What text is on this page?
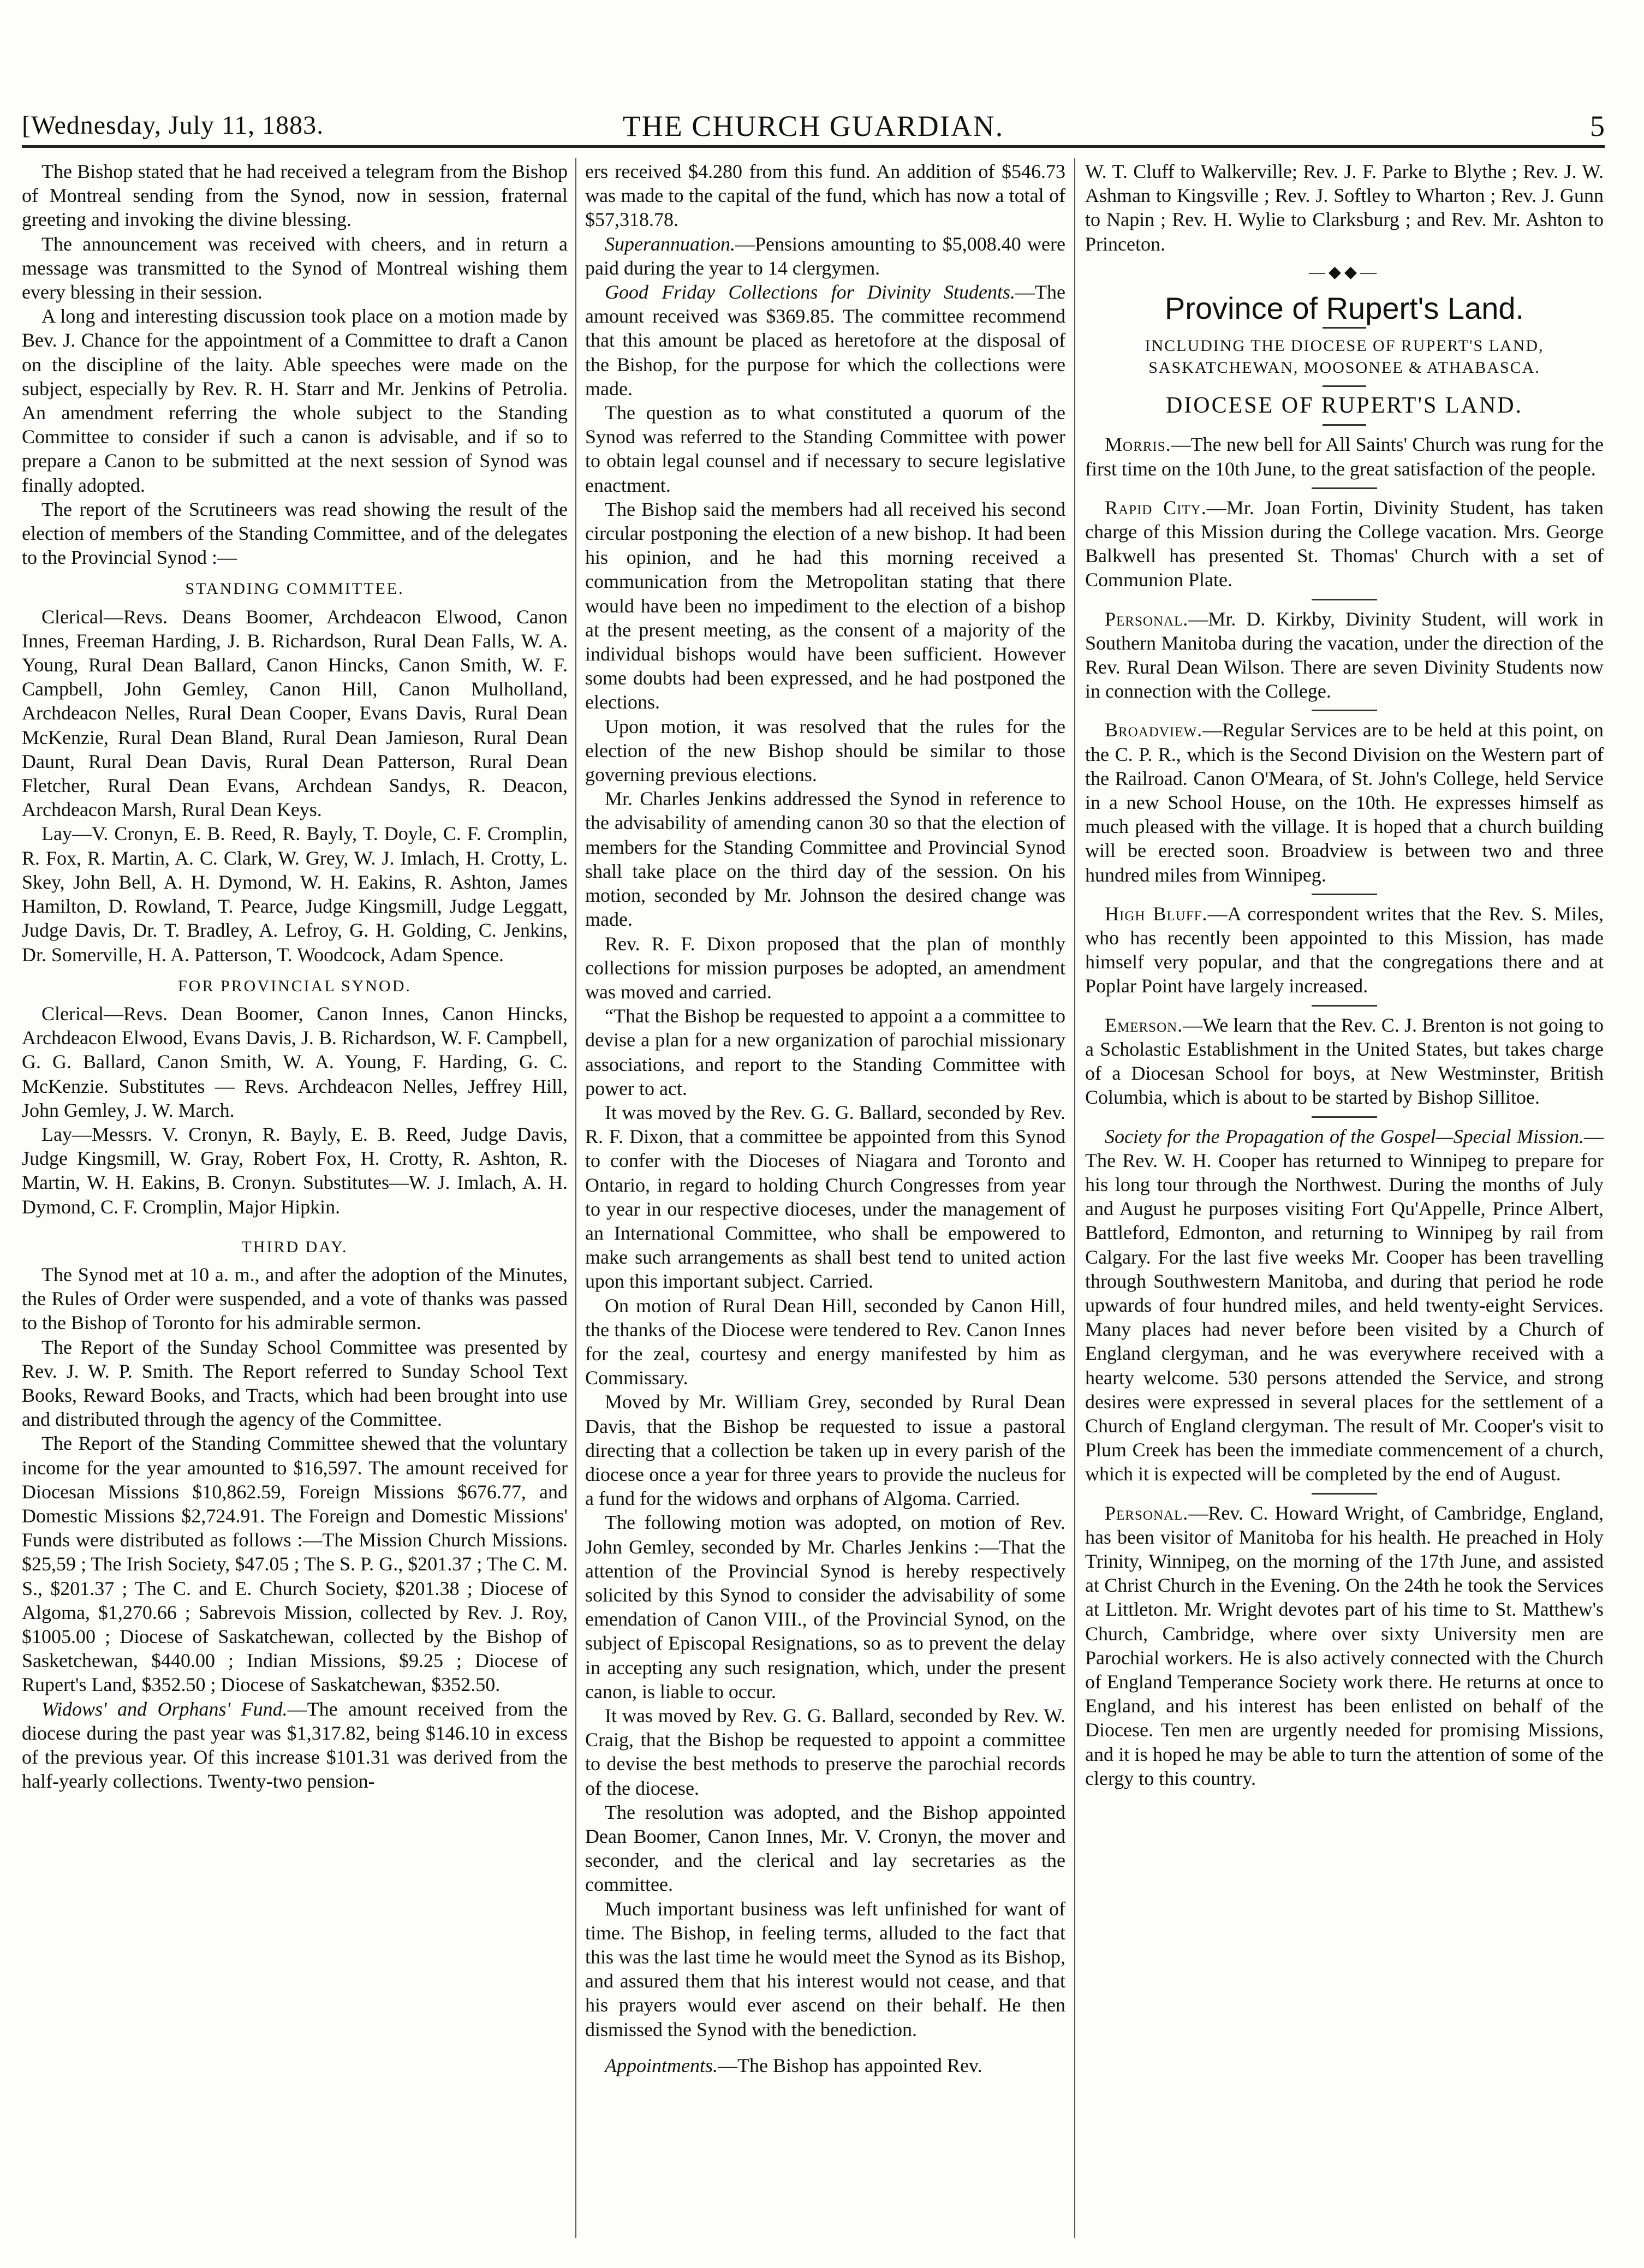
[Wednesday, July 11, 1883.	THE CHURCH GUARDIAN.	5

The Bishop stated that he had received a telegram from the Bishop of Montreal sending from the Synod, now in session, fraternal greeting and invoking the divine blessing.

The announcement was received with cheers, and in return a message was transmitted to the Synod of Montreal wishing them every blessing in their session.

A long and interesting discussion took place on a motion made by Bev. J. Chance for the appointment of a Committee to draft a Canon on the discipline of the laity. Able speeches were made on the subject, especially by Rev. R. H. Starr and Mr. Jenkins of Petrolia. An amendment referring the whole subject to the Standing Committee to consider if such a canon is advisable, and if so to prepare a Canon to be submitted at the next session of Synod was finally adopted.

The report of the Scrutineers was read showing the result of the election of members of the Standing Committee, and of the delegates to the Provincial Synod :—

STANDING COMMITTEE.

Clerical—Revs. Deans Boomer, Archdeacon Elwood, Canon Innes, Freeman Harding, J. B. Richardson, Rural Dean Falls, W. A. Young, Rural Dean Ballard, Canon Hincks, Canon Smith, W. F. Campbell, John Gemley, Canon Hill, Canon Mulholland, Archdeacon Nelles, Rural Dean Cooper, Evans Davis, Rural Dean McKenzie, Rural Dean Bland, Rural Dean Jamieson, Rural Dean Daunt, Rural Dean Davis, Rural Dean Patterson, Rural Dean Fletcher, Rural Dean Evans, Archdean Sandys, R. Deacon, Archdeacon Marsh, Rural Dean Keys.

Lay—V. Cronyn, E. B. Reed, R. Bayly, T. Doyle, C. F. Cromplin, R. Fox, R. Martin, A. C. Clark, W. Grey, W. J. Imlach, H. Crotty, L. Skey, John Bell, A. H. Dymond, W. H. Eakins, R. Ashton, James Hamilton, D. Rowland, T. Pearce, Judge Kingsmill, Judge Leggatt, Judge Davis, Dr. T. Bradley, A. Lefroy, G. H. Golding, C. Jenkins, Dr. Somerville, H. A. Patterson, T. Woodcock, Adam Spence.

FOR PROVINCIAL SYNOD.

Clerical—Revs. Dean Boomer, Canon Innes, Canon Hincks, Archdeacon Elwood, Evans Davis, J. B. Richardson, W. F. Campbell, G. G. Ballard, Canon Smith, W. A. Young, F. Harding, G. C. McKenzie. Substitutes — Revs. Archdeacon Nelles, Jeffrey Hill, John Gemley, J. W. March.

Lay—Messrs. V. Cronyn, R. Bayly, E. B. Reed, Judge Davis, Judge Kingsmill, W. Gray, Robert Fox, H. Crotty, R. Ashton, R. Martin, W. H. Eakins, B. Cronyn. Substitutes—W. J. Imlach, A. H. Dymond, C. F. Cromplin, Major Hipkin.

THIRD DAY.

The Synod met at 10 a. m., and after the adoption of the Minutes, the Rules of Order were suspended, and a vote of thanks was passed to the Bishop of Toronto for his admirable sermon.

The Report of the Sunday School Committee was presented by Rev. J. W. P. Smith. The Report referred to Sunday School Text Books, Reward Books, and Tracts, which had been brought into use and distributed through the agency of the Committee.

The Report of the Standing Committee shewed that the voluntary income for the year amounted to $16,597. The amount received for Diocesan Missions $10,862.59, Foreign Missions $676.77, and Domestic Missions $2,724.91. The Foreign and Domestic Missions' Funds were distributed as follows :—The Mission Church Missions. $25,59 ; The Irish Society, $47.05 ; The S. P. G., $201.37 ; The C. M. S., $201.37 ; The C. and E. Church Society, $201.38 ; Diocese of Algoma, $1,270.66 ; Sabrevois Mission, collected by Rev. J. Roy, $1005.00 ; Diocese of Saskatchewan, collected by the Bishop of Sasketchewan, $440.00 ; Indian Missions, $9.25 ; Diocese of Rupert's Land, $352.50 ; Diocese of Saskatchewan, $352.50.

Widows' and Orphans' Fund.—The amount received from the diocese during the past year was $1,317.82, being $146.10 in excess of the previous year. Of this increase $101.31 was derived from the half-yearly collections. Twenty-two pension-

ers received $4.280 from this fund. An addition of $546.73 was made to the capital of the fund, which has now a total of $57,318.78.

Superannuation.—Pensions amounting to $5,008.40 were paid during the year to 14 clergymen.

Good Friday Collections for Divinity Students.—The amount received was $369.85. The committee recommend that this amount be placed as heretofore at the disposal of the Bishop, for the purpose for which the collections were made.

The question as to what constituted a quorum of the Synod was referred to the Standing Committee with power to obtain legal counsel and if necessary to secure legislative enactment.

The Bishop said the members had all received his second circular postponing the election of a new bishop. It had been his opinion, and he had this morning received a communication from the Metropolitan stating that there would have been no impediment to the election of a bishop at the present meeting, as the consent of a majority of the individual bishops would have been sufficient. However some doubts had been expressed, and he had postponed the elections.

Upon motion, it was resolved that the rules for the election of the new Bishop should be similar to those governing previous elections.

Mr. Charles Jenkins addressed the Synod in reference to the advisability of amending canon 30 so that the election of members for the Standing Committee and Provincial Synod shall take place on the third day of the session. On his motion, seconded by Mr. Johnson the desired change was made.

Rev. R. F. Dixon proposed that the plan of monthly collections for mission purposes be adopted, an amendment was moved and carried.

“That the Bishop be requested to appoint a a committee to devise a plan for a new organization of parochial missionary associations, and report to the Standing Committee with power to act.

It was moved by the Rev. G. G. Ballard, seconded by Rev. R. F. Dixon, that a committee be appointed from this Synod to confer with the Dioceses of Niagara and Toronto and Ontario, in regard to holding Church Congresses from year to year in our respective dioceses, under the management of an International Committee, who shall be empowered to make such arrangements as shall best tend to united action upon this important subject. Carried.

On motion of Rural Dean Hill, seconded by Canon Hill, the thanks of the Diocese were tendered to Rev. Canon Innes for the zeal, courtesy and energy manifested by him as Commissary.

Moved by Mr. William Grey, seconded by Rural Dean Davis, that the Bishop be requested to issue a pastoral directing that a collection be taken up in every parish of the diocese once a year for three years to provide the nucleus for a fund for the widows and orphans of Algoma. Carried.

The following motion was adopted, on motion of Rev. John Gemley, seconded by Mr. Charles Jenkins :—That the attention of the Provincial Synod is hereby respectively solicited by this Synod to consider the advisability of some emendation of Canon VIII., of the Provincial Synod, on the subject of Episcopal Resignations, so as to prevent the delay in accepting any such resignation, which, under the present canon, is liable to occur.

It was moved by Rev. G. G. Ballard, seconded by Rev. W. Craig, that the Bishop be requested to appoint a committee to devise the best methods to preserve the parochial records of the diocese.

The resolution was adopted, and the Bishop appointed Dean Boomer, Canon Innes, Mr. V. Cronyn, the mover and seconder, and the clerical and lay secretaries as the committee.

Much important business was left unfinished for want of time. The Bishop, in feeling terms, alluded to the fact that this was the last time he would meet the Synod as its Bishop, and assured them that his interest would not cease, and that his prayers would ever ascend on their behalf. He then dismissed the Synod with the benediction.

Appointments.—The Bishop has appointed Rev.

W. T. Cluff to Walkerville; Rev. J. F. Parke to Blythe ; Rev. J. W. Ashman to Kingsville ; Rev. J. Softley to Wharton ; Rev. J. Gunn to Napin ; Rev. H. Wylie to Clarksburg ; and Rev. Mr. Ashton to Princeton.

—◆◆—
Province of Rupert's Land.
INCLUDING THE DIOCESE OF RUPERT'S LAND, SASKATCHEWAN, MOOSONEE & ATHABASCA.
DIOCESE OF RUPERT'S LAND.

Morris.—The new bell for All Saints' Church was rung for the first time on the 10th June, to the great satisfaction of the people.

Rapid City.—Mr. Joan Fortin, Divinity Student, has taken charge of this Mission during the College vacation. Mrs. George Balkwell has presented St. Thomas' Church with a set of Communion Plate.

Personal.—Mr. D. Kirkby, Divinity Student, will work in Southern Manitoba during the vacation, under the direction of the Rev. Rural Dean Wilson. There are seven Divinity Students now in connection with the College.

Broadview.—Regular Services are to be held at this point, on the C. P. R., which is the Second Division on the Western part of the Railroad. Canon O'Meara, of St. John's College, held Service in a new School House, on the 10th. He expresses himself as much pleased with the village. It is hoped that a church building will be erected soon. Broadview is between two and three hundred miles from Winnipeg.

High Bluff.—A correspondent writes that the Rev. S. Miles, who has recently been appointed to this Mission, has made himself very popular, and that the congregations there and at Poplar Point have largely increased.

Emerson.—We learn that the Rev. C. J. Brenton is not going to a Scholastic Establishment in the United States, but takes charge of a Diocesan School for boys, at New Westminster, British Columbia, which is about to be started by Bishop Sillitoe.

Society for the Propagation of the Gospel—Special Mission.—The Rev. W. H. Cooper has returned to Winnipeg to prepare for his long tour through the Northwest. During the months of July and August he purposes visiting Fort Qu'Appelle, Prince Albert, Battleford, Edmonton, and returning to Winnipeg by rail from Calgary. For the last five weeks Mr. Cooper has been travelling through Southwestern Manitoba, and during that period he rode upwards of four hundred miles, and held twenty-eight Services. Many places had never before been visited by a Church of England clergyman, and he was everywhere received with a hearty welcome. 530 persons attended the Service, and strong desires were expressed in several places for the settlement of a Church of England clergyman. The result of Mr. Cooper's visit to Plum Creek has been the immediate commencement of a church, which it is expected will be completed by the end of August.

Personal.—Rev. C. Howard Wright, of Cambridge, England, has been visitor of Manitoba for his health. He preached in Holy Trinity, Winnipeg, on the morning of the 17th June, and assisted at Christ Church in the Evening. On the 24th he took the Services at Littleton. Mr. Wright devotes part of his time to St. Matthew's Church, Cambridge, where over sixty University men are Parochial workers. He is also actively connected with the Church of England Temperance Society work there. He returns at once to England, and his interest has been enlisted on behalf of the Diocese. Ten men are urgently needed for promising Missions, and it is hoped he may be able to turn the attention of some of the clergy to this country.
